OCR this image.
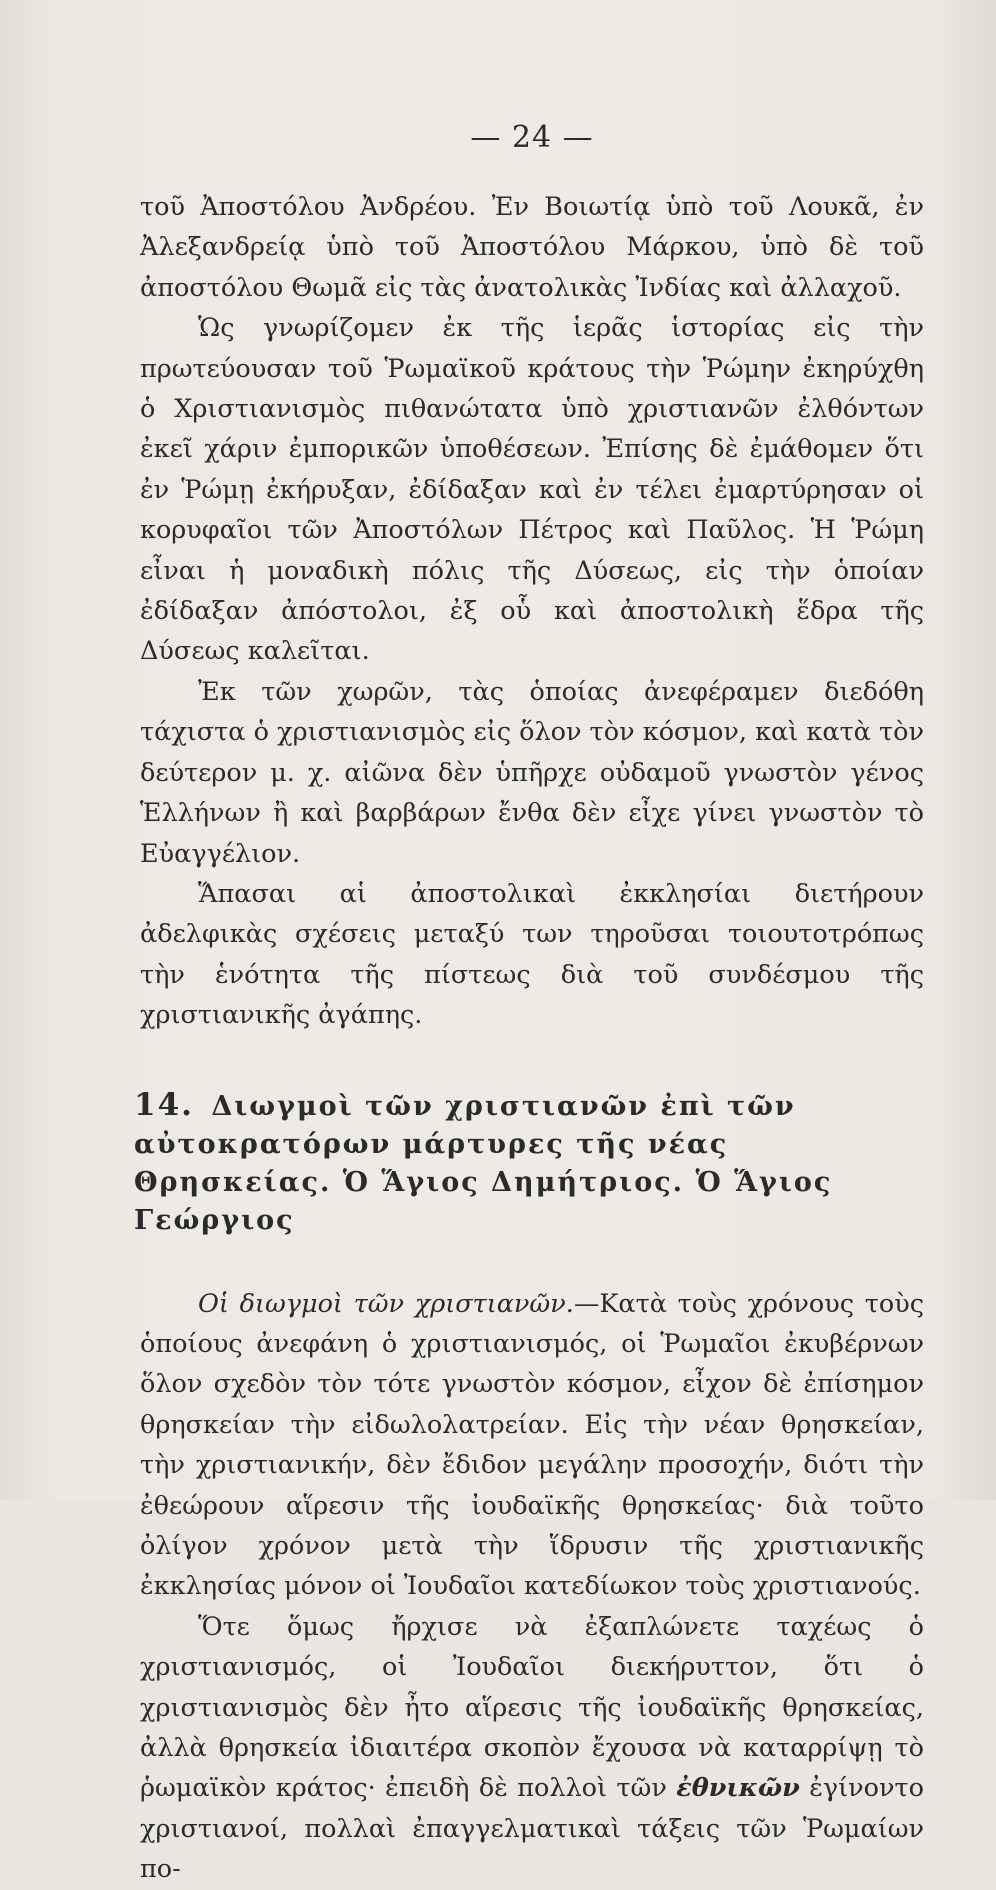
— 24 —

τοῦ Ἀποστόλου Ἀνδρέου. Ἐν Βοιωτίᾳ ὑπὸ τοῦ Λουκᾶ, ἐν Ἀλεξανδρείᾳ ὑπὸ τοῦ Ἀποστόλου Μάρκου, ὑπὸ δὲ τοῦ ἀποστόλου Θωμᾶ εἰς τὰς ἀνατολικὰς Ἰνδίας καὶ ἀλλαχοῦ.

Ὡς γνωρίζομεν ἐκ τῆς ἱερᾶς ἱστορίας εἰς τὴν πρωτεύουσαν τοῦ Ῥωμαϊκοῦ κράτους τὴν Ῥώμην ἐκηρύχθη ὁ Χριστιανισμὸς πιθανώτατα ὑπὸ χριστιανῶν ἐλθόντων ἐκεῖ χάριν ἐμπορικῶν ὑποθέσεων. Ἐπίσης δὲ ἐμάθομεν ὅτι ἐν Ῥώμῃ ἐκήρυξαν, ἐδίδαξαν καὶ ἐν τέλει ἐμαρτύρησαν οἱ κορυφαῖοι τῶν Ἀποστόλων Πέτρος καὶ Παῦλος. Ἡ Ῥώμη εἶναι ἡ μοναδικὴ πόλις τῆς Δύσεως, εἰς τὴν ὁποίαν ἐδίδαξαν ἀπόστολοι, ἐξ οὗ καὶ ἀποστολικὴ ἕδρα τῆς Δύσεως καλεῖται.

Ἐκ τῶν χωρῶν, τὰς ὁποίας ἀνεφέραμεν διεδόθη τάχιστα ὁ χριστιανισμὸς εἰς ὅλον τὸν κόσμον, καὶ κατὰ τὸν δεύτερον μ. χ. αἰῶνα δὲν ὑπῆρχε οὐδαμοῦ γνωστὸν γένος Ἑλλήνων ἢ καὶ βαρβάρων ἔνθα δὲν εἶχε γίνει γνωστὸν τὸ Εὐαγγέλιον.

Ἅπασαι αἱ ἀποστολικαὶ ἐκκλησίαι διετήρουν ἀδελφικὰς σχέσεις μεταξύ των τηροῦσαι τοιουτοτρόπως τὴν ἑνότητα τῆς πίστεως διὰ τοῦ συνδέσμου τῆς χριστιανικῆς ἀγάπης.

14. Διωγμοὶ τῶν χριστιανῶν ἐπὶ τῶν αὐτοκρατόρων μάρτυρες τῆς νέας Θρησκείας. Ὁ Ἅγιος Δημήτριος. Ὁ Ἅγιος Γεώργιος

Οἱ διωγμοὶ τῶν χριστιανῶν.—Κατὰ τοὺς χρόνους τοὺς ὁποίους ἀνεφάνη ὁ χριστιανισμός, οἱ Ῥωμαῖοι ἐκυβέρνων ὅλον σχεδὸν τὸν τότε γνωστὸν κόσμον, εἶχον δὲ ἐπίσημον θρησκείαν τὴν εἰδωλολατρείαν. Εἰς τὴν νέαν θρησκείαν, τὴν χριστιανικήν, δὲν ἔδιδον μεγάλην προσοχήν, διότι τὴν ἐθεώρουν αἵρεσιν τῆς ἰουδαϊκῆς θρησκείας· διὰ τοῦτο ὀλίγον χρόνον μετὰ τὴν ἵδρυσιν τῆς χριστιανικῆς ἐκκλησίας μόνον οἱ Ἰουδαῖοι κατεδίωκον τοὺς χριστιανούς.

Ὅτε ὅμως ἤρχισε νὰ ἐξαπλώνετε ταχέως ὁ χριστιανισμός, οἱ Ἰουδαῖοι διεκήρυττον, ὅτι ὁ χριστιανισμὸς δὲν ἦτο αἵρεσις τῆς ἰουδαϊκῆς θρησκείας, ἀλλὰ θρησκεία ἰδιαιτέρα σκοπὸν ἔχουσα νὰ καταρρίψῃ τὸ ῥωμαϊκὸν κράτος· ἐπειδὴ δὲ πολλοὶ τῶν ἐθνικῶν ἐγίνοντο χριστιανοί, πολλαὶ ἐπαγγελματικαὶ τάξεις τῶν Ῥωμαίων πο-
